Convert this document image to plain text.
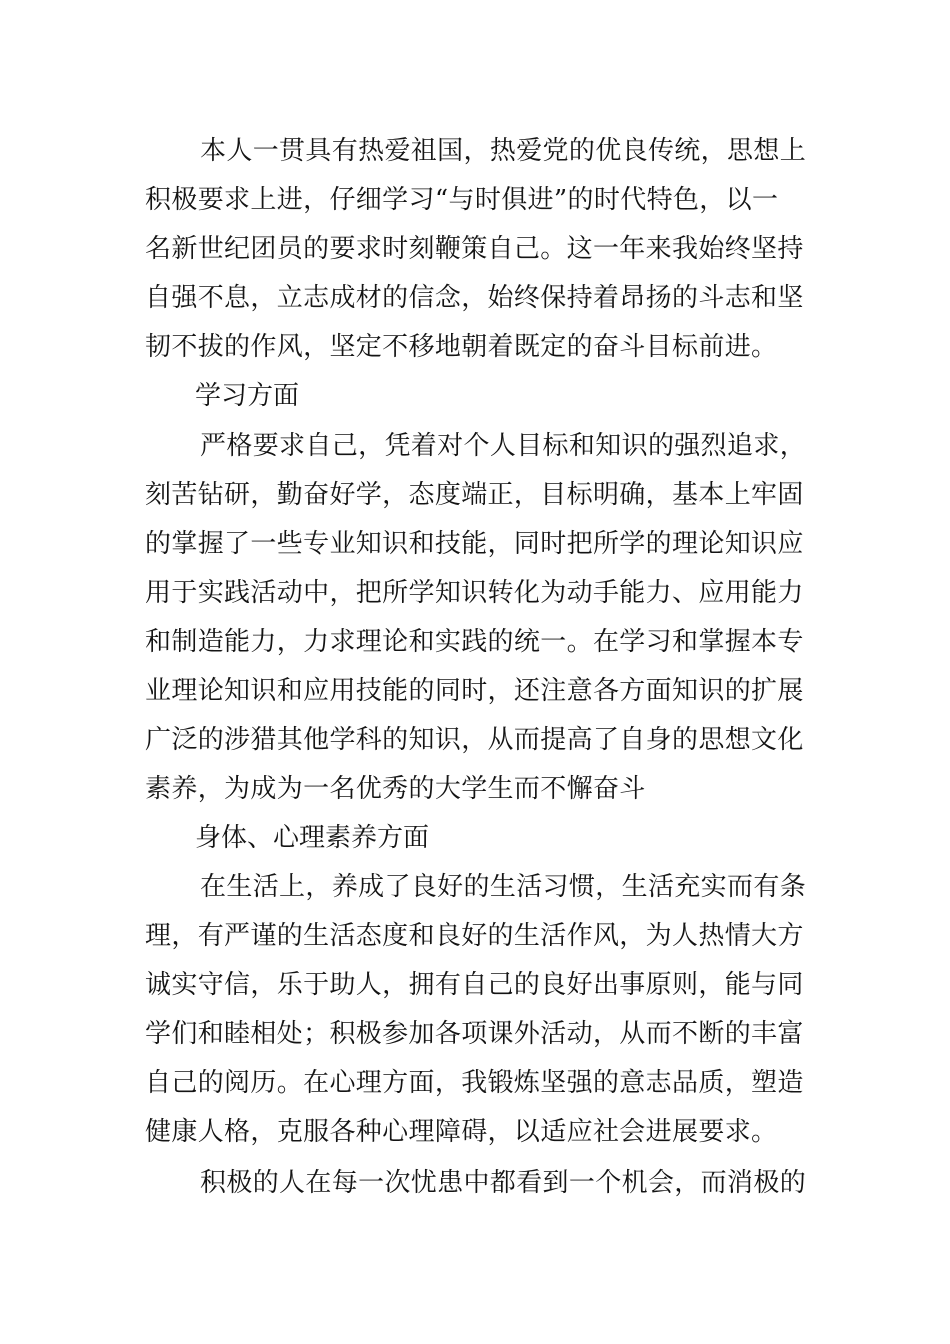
本人一贯具有热爱祖国，热爱党的优良传统，思想上
积极要求上进，仔细学习“与时俱进”的时代特色，以一
名新世纪团员的要求时刻鞭策自己。这一年来我始终坚持
自强不息，立志成材的信念，始终保持着昂扬的斗志和坚
韧不拔的作风，坚定不移地朝着既定的奋斗目标前进。
学习方面
严格要求自己，凭着对个人目标和知识的强烈追求，
刻苦钻研，勤奋好学，态度端正，目标明确，基本上牢固
的掌握了一些专业知识和技能，同时把所学的理论知识应
用于实践活动中，把所学知识转化为动手能力、应用能力
和制造能力，力求理论和实践的统一。在学习和掌握本专
业理论知识和应用技能的同时，还注意各方面知识的扩展
广泛的涉猎其他学科的知识，从而提高了自身的思想文化
素养，为成为一名优秀的大学生而不懈奋斗
身体、心理素养方面
在生活上，养成了良好的生活习惯，生活充实而有条
理，有严谨的生活态度和良好的生活作风，为人热情大方
诚实守信，乐于助人，拥有自己的良好出事原则，能与同
学们和睦相处；积极参加各项课外活动，从而不断的丰富
自己的阅历。在心理方面，我锻炼坚强的意志品质，塑造
健康人格，克服各种心理障碍，以适应社会进展要求。
积极的人在每一次忧患中都看到一个机会，而消极的
